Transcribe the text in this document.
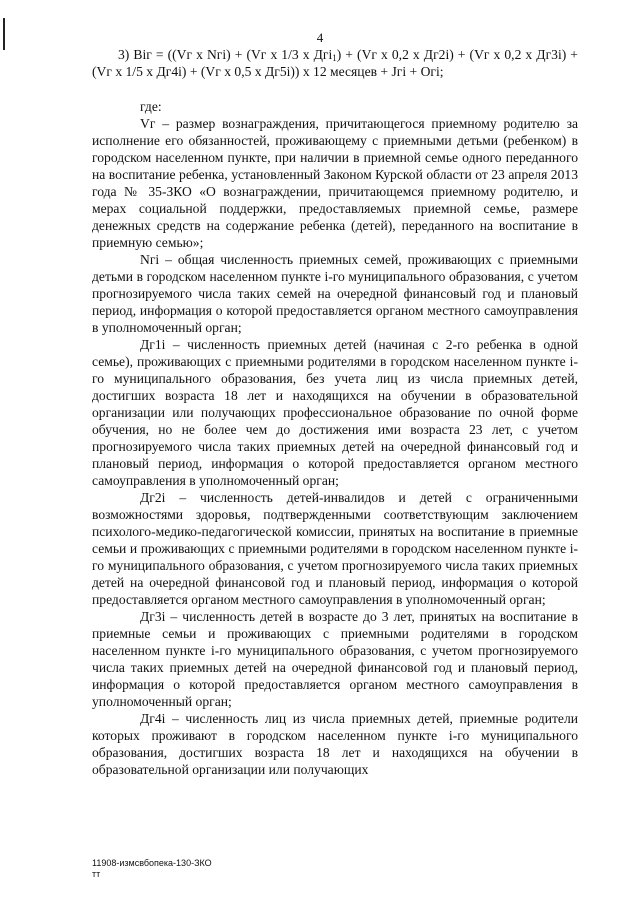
4

3) Biг = ((Vг x Nгi) + (Vг x 1/3 x Дгi$_1$) + (Vг x 0,2 x Дг2i) + (Vг x 0,2 x Дг3i) + (Vг x 1/5 x Дг4i) + (Vг x 0,5 x Дг5i)) x 12 месяцев + Jгi + Oгi;

где:

Vг – размер вознаграждения, причитающегося приемному родителю за исполнение его обязанностей, проживающему с приемными детьми (ребенком) в городском населенном пункте, при наличии в приемной семье одного переданного на воспитание ребенка, установленный Законом Курской области от 23 апреля 2013 года № 35-ЗКО «О вознаграждении, причитающемся приемному родителю, и мерах социальной поддержки, предоставляемых приемной семье, размере денежных средств на содержание ребенка (детей), переданного на воспитание в приемную семью»;

Nгi – общая численность приемных семей, проживающих с приемными детьми в городском населенном пункте i-го муниципального образования, с учетом прогнозируемого числа таких семей на очередной финансовый год и плановый период, информация о которой предоставляется органом местного самоуправления в уполномоченный орган;

Дг1i – численность приемных детей (начиная с 2-го ребенка в одной семье), проживающих с приемными родителями в городском населенном пункте i-го муниципального образования, без учета лиц из числа приемных детей, достигших возраста 18 лет и находящихся на обучении в образовательной организации или получающих профессиональное образование по очной форме обучения, но не более чем до достижения ими возраста 23 лет, с учетом прогнозируемого числа таких приемных детей на очередной финансовый год и плановый период, информация о которой предоставляется органом местного самоуправления в уполномоченный орган;

Дг2i – численность детей-инвалидов и детей с ограниченными возможностями здоровья, подтвержденными соответствующим заключением психолого-медико-педагогической комиссии, принятых на воспитание в приемные семьи и проживающих с приемными родителями в городском населенном пункте i-го муниципального образования, с учетом прогнозируемого числа таких приемных детей на очередной финансовой год и плановый период, информация о которой предоставляется органом местного самоуправления в уполномоченный орган;

Дг3i – численность детей в возрасте до 3 лет, принятых на воспитание в приемные семьи и проживающих с приемными родителями в городском населенном пункте i-го муниципального образования, с учетом прогнозируемого числа таких приемных детей на очередной финансовой год и плановый период, информация о которой предоставляется органом местного самоуправления в уполномоченный орган;

Дг4i – численность лиц из числа приемных детей, приемные родители которых проживают в городском населенном пункте i-го муниципального образования, достигших возраста 18 лет и находящихся на обучении в образовательной организации или получающих

11908-измсвбопека-130-ЗКО
тт
